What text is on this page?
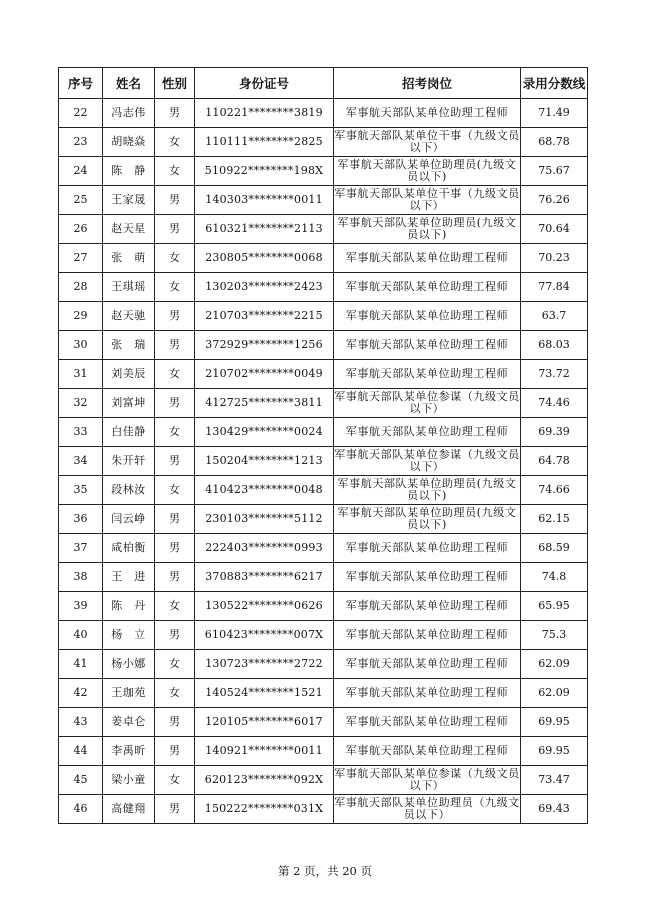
序号	姓名	性别	身份证号	招考岗位	录用分数线
22	冯志伟	男	110221********3819	军事航天部队某单位助理工程师	71.49
23	胡晓焱	女	110111********2825	军事航天部队某单位干事（九级文员以下）	68.78
24	陈　静	女	510922********198X	军事航天部队某单位助理员(九级文员以下)	75.67
25	王家晟	男	140303********0011	军事航天部队某单位干事（九级文员以下）	76.26
26	赵天星	男	610321********2113	军事航天部队某单位助理员(九级文员以下)	70.64
27	张　萌	女	230805********0068	军事航天部队某单位助理工程师	70.23
28	王琪瑶	女	130203********2423	军事航天部队某单位助理工程师	77.84
29	赵天驰	男	210703********2215	军事航天部队某单位助理工程师	63.7
30	张　瑞	男	372929********1256	军事航天部队某单位助理工程师	68.03
31	刘美辰	女	210702********0049	军事航天部队某单位助理工程师	73.72
32	刘富坤	男	412725********3811	军事航天部队某单位参谋（九级文员以下）	74.46
33	白佳静	女	130429********0024	军事航天部队某单位助理工程师	69.39
34	朱开轩	男	150204********1213	军事航天部队某单位参谋（九级文员以下）	64.78
35	段林汝	女	410423********0048	军事航天部队某单位助理员(九级文员以下)	74.66
36	闫云峥	男	230103********5112	军事航天部队某单位助理员(九级文员以下)	62.15
37	咸柏衡	男	222403********0993	军事航天部队某单位助理工程师	68.59
38	王　进	男	370883********6217	军事航天部队某单位助理工程师	74.8
39	陈　丹	女	130522********0626	军事航天部队某单位助理工程师	65.95
40	杨　立	男	610423********007X	军事航天部队某单位助理工程师	75.3
41	杨小娜	女	130723********2722	军事航天部队某单位助理工程师	62.09
42	王珈苑	女	140524********1521	军事航天部队某单位助理工程师	62.09
43	姜卓仑	男	120105********6017	军事航天部队某单位助理工程师	69.95
44	李禹昕	男	140921********0011	军事航天部队某单位助理工程师	69.95
45	梁小童	女	620123********092X	军事航天部队某单位参谋（九级文员以下）	73.47
46	高健翔	男	150222********031X	军事航天部队某单位助理员（九级文员以下）	69.43
第 2 页，共 20 页
